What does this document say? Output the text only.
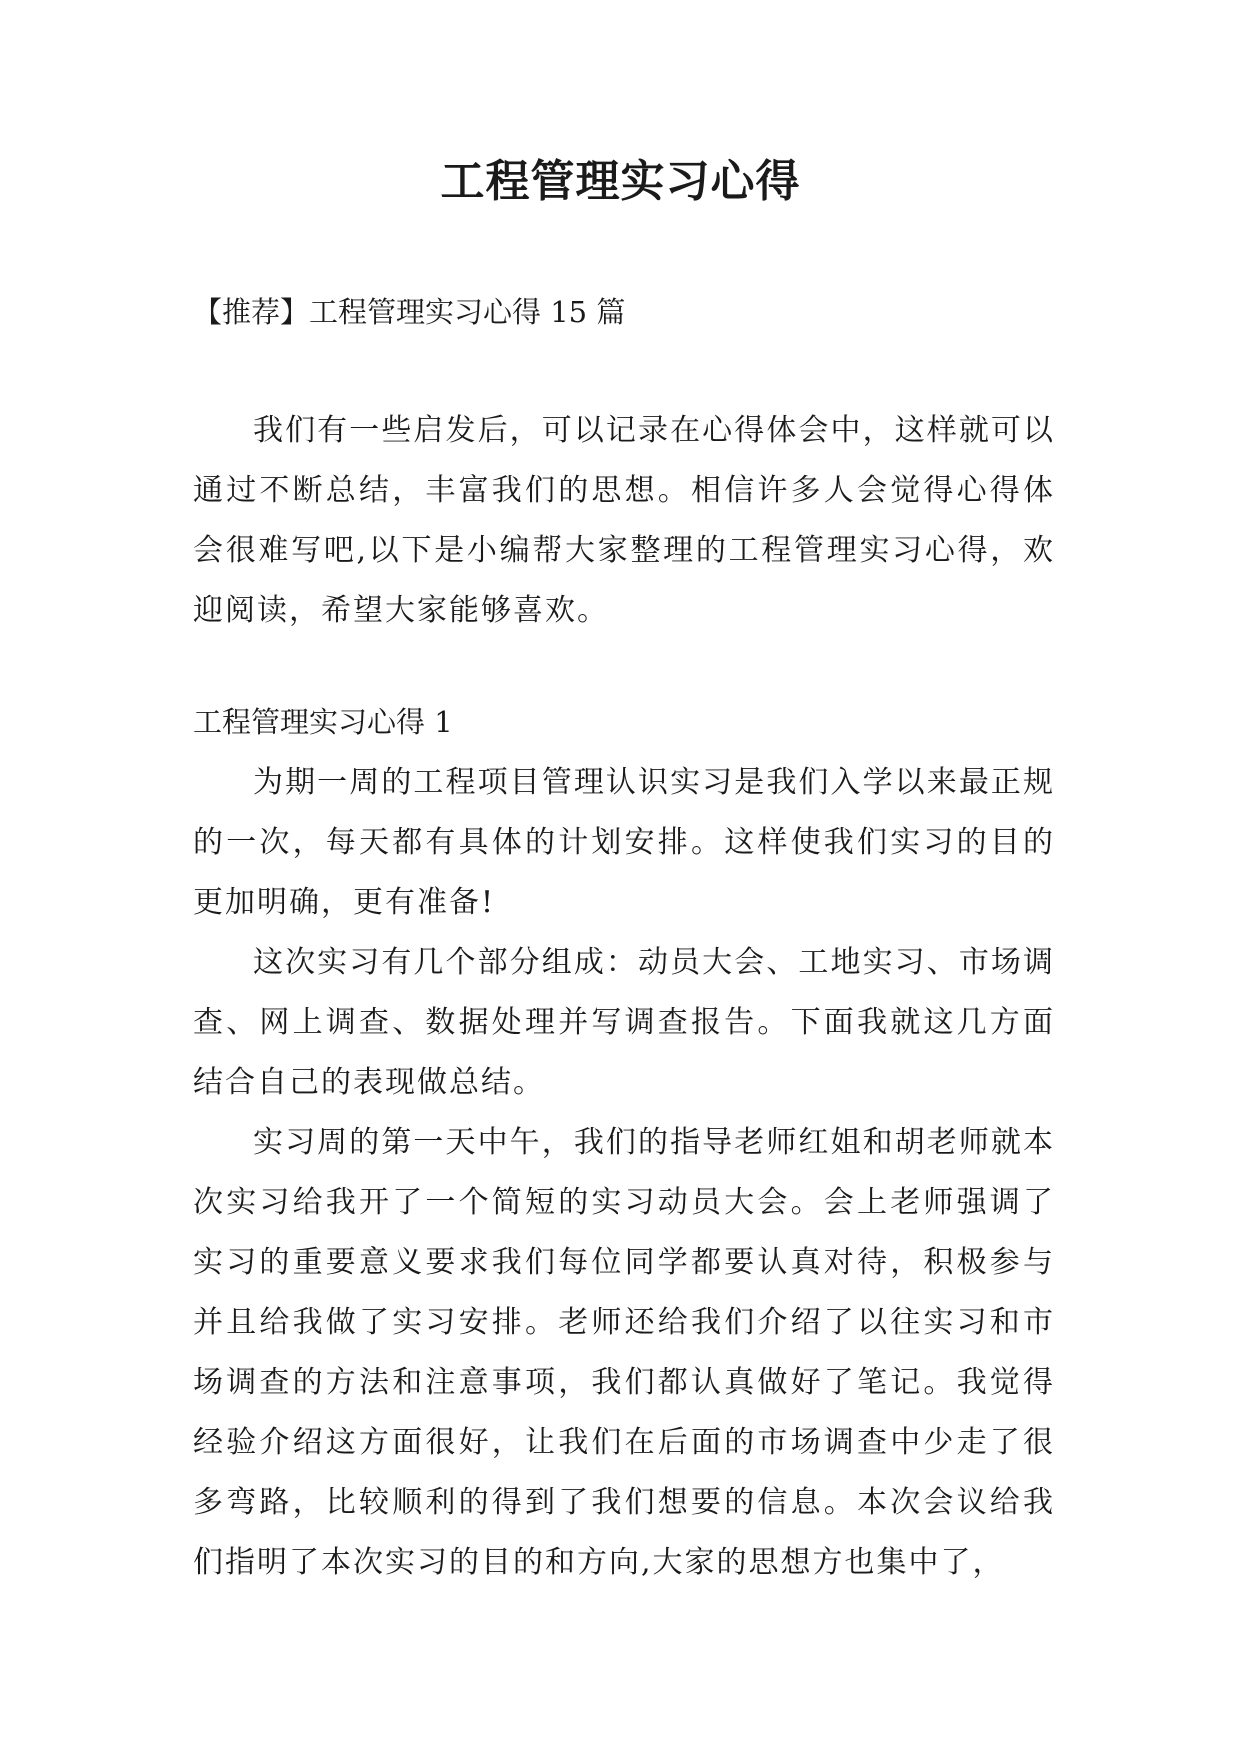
工程管理实习心得
【推荐】工程管理实习心得 15 篇

我们有一些启发后，可以记录在心得体会中，这样就可以通过不断总结，丰富我们的思想。相信许多人会觉得心得体会很难写吧,以下是小编帮大家整理的工程管理实习心得，欢迎阅读，希望大家能够喜欢。

工程管理实习心得 1

为期一周的工程项目管理认识实习是我们入学以来最正规的一次，每天都有具体的计划安排。这样使我们实习的目的更加明确，更有准备!

这次实习有几个部分组成：动员大会、工地实习、市场调查、网上调查、数据处理并写调查报告。下面我就这几方面结合自己的表现做总结。

实习周的第一天中午，我们的指导老师红姐和胡老师就本次实习给我开了一个简短的实习动员大会。会上老师强调了实习的重要意义要求我们每位同学都要认真对待，积极参与并且给我做了实习安排。老师还给我们介绍了以往实习和市场调查的方法和注意事项，我们都认真做好了笔记。我觉得经验介绍这方面很好，让我们在后面的市场调查中少走了很多弯路，比较顺利的得到了我们想要的信息。本次会议给我们指明了本次实习的目的和方向,大家的思想方也集中了，
